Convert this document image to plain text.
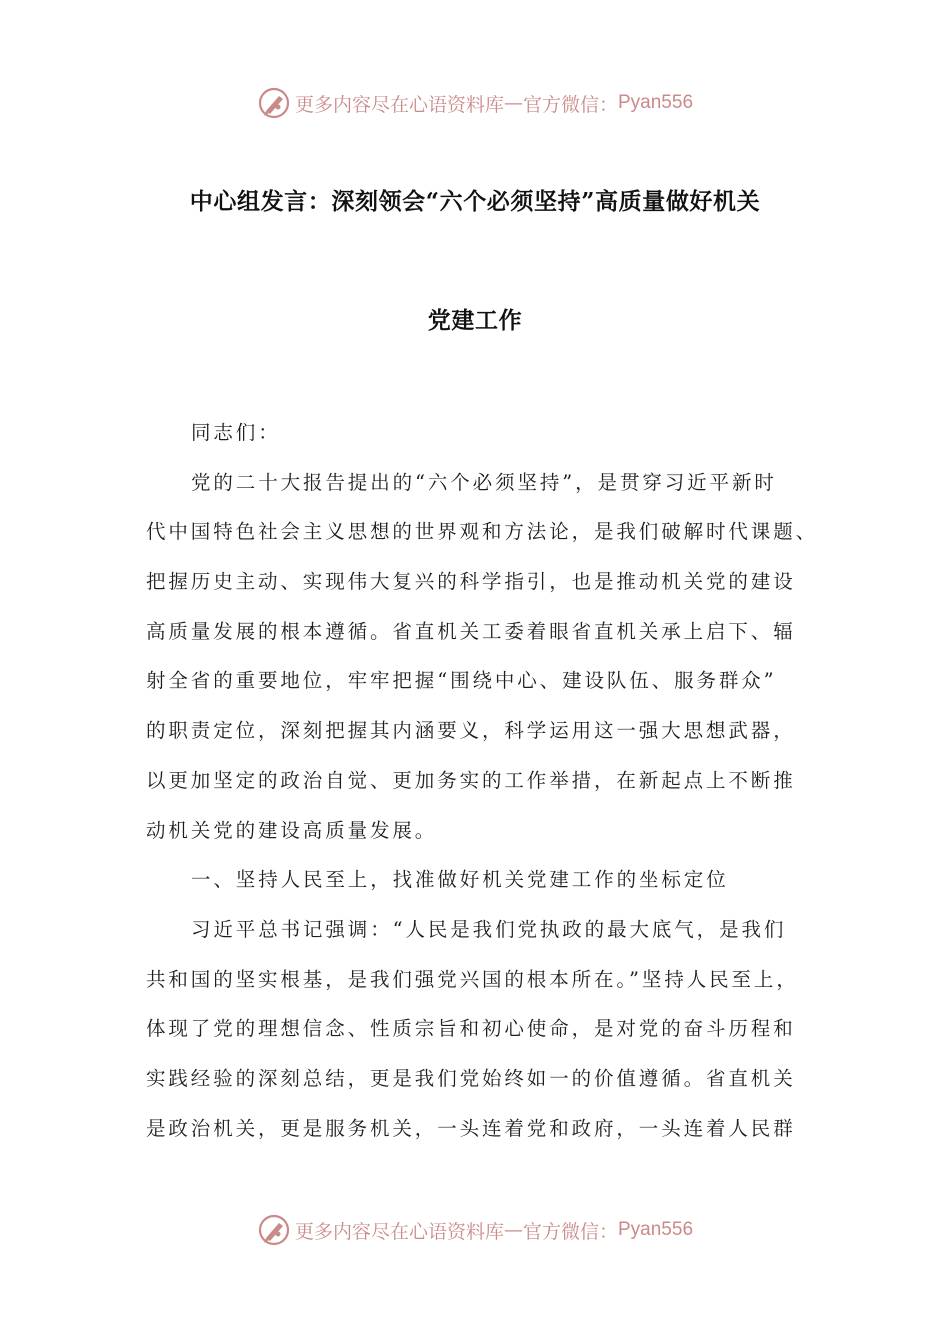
更多内容尽在心语资料库 — 官方微信： Pyan556
中心组发言：深刻领会“六个必须坚持”高质量做好机关
党建工作
同志们：
党的二十大报告提出的“六个必须坚持”，是贯穿习近平新时
代中国特色社会主义思想的世界观和方法论，是我们破解时代课题、
把握历史主动、实现伟大复兴的科学指引，也是推动机关党的建设
高质量发展的根本遵循。省直机关工委着眼省直机关承上启下、辐
射全省的重要地位，牢牢把握“围绕中心、建设队伍、服务群众”
的职责定位，深刻把握其内涵要义，科学运用这一强大思想武器，
以更加坚定的政治自觉、更加务实的工作举措，在新起点上不断推
动机关党的建设高质量发展。
一、坚持人民至上，找准做好机关党建工作的坐标定位
习近平总书记强调：“人民是我们党执政的最大底气，是我们
共和国的坚实根基，是我们强党兴国的根本所在。”坚持人民至上，
体现了党的理想信念、性质宗旨和初心使命，是对党的奋斗历程和
实践经验的深刻总结，更是我们党始终如一的价值遵循。省直机关
是政治机关，更是服务机关，一头连着党和政府，一头连着人民群
更多内容尽在心语资料库 — 官方微信： Pyan556
